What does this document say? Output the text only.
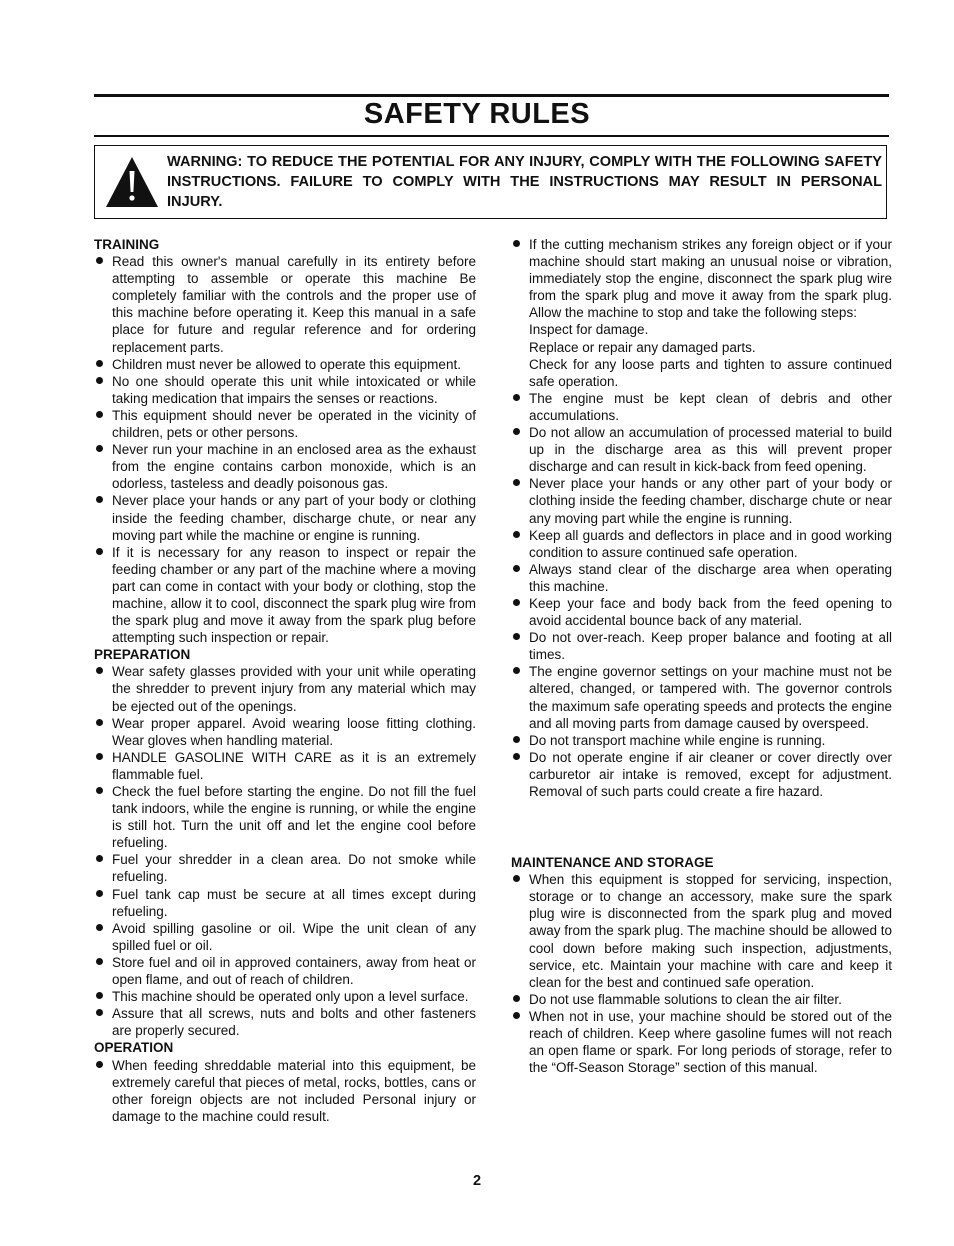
SAFETY RULES
WARNING: TO REDUCE THE POTENTIAL FOR ANY INJURY, COMPLY WITH THE FOLLOWING SAFETY INSTRUCTIONS. FAILURE TO COMPLY WITH THE INSTRUCTIONS MAY RESULT IN PERSONAL INJURY.
TRAINING
Read this owner's manual carefully in its entirety before attempting to assemble or operate this machine Be completely familiar with the controls and the proper use of this machine before operating it. Keep this manual in a safe place for future and regular reference and for ordering replacement parts.
Children must never be allowed to operate this equipment.
No one should operate this unit while intoxicated or while taking medication that impairs the senses or reactions.
This equipment should never be operated in the vicinity of children, pets or other persons.
Never run your machine in an enclosed area as the exhaust from the engine contains carbon monoxide, which is an odorless, tasteless and deadly poisonous gas.
Never place your hands or any part of your body or clothing inside the feeding chamber, discharge chute, or near any moving part while the machine or engine is running.
If it is necessary for any reason to inspect or repair the feeding chamber or any part of the machine where a moving part can come in contact with your body or clothing, stop the machine, allow it to cool, disconnect the spark plug wire from the spark plug and move it away from the spark plug before attempting such inspection or repair.
PREPARATION
Wear safety glasses provided with your unit while operating the shredder to prevent injury from any material which may be ejected out of the openings.
Wear proper apparel. Avoid wearing loose fitting clothing. Wear gloves when handling material.
HANDLE GASOLINE WITH CARE as it is an extremely flammable fuel.
Check the fuel before starting the engine. Do not fill the fuel tank indoors, while the engine is running, or while the engine is still hot. Turn the unit off and let the engine cool before refueling.
Fuel your shredder in a clean area. Do not smoke while refueling.
Fuel tank cap must be secure at all times except during refueling.
Avoid spilling gasoline or oil. Wipe the unit clean of any spilled fuel or oil.
Store fuel and oil in approved containers, away from heat or open flame, and out of reach of children.
This machine should be operated only upon a level surface.
Assure that all screws, nuts and bolts and other fasteners are properly secured.
OPERATION
When feeding shreddable material into this equipment, be extremely careful that pieces of metal, rocks, bottles, cans or other foreign objects are not included Personal injury or damage to the machine could result.
If the cutting mechanism strikes any foreign object or if your machine should start making an unusual noise or vibration, immediately stop the engine, disconnect the spark plug wire from the spark plug and move it away from the spark plug. Allow the machine to stop and take the following steps:
Inspect for damage.
Replace or repair any damaged parts.
Check for any loose parts and tighten to assure continued safe operation.
The engine must be kept clean of debris and other accumulations.
Do not allow an accumulation of processed material to build up in the discharge area as this will prevent proper discharge and can result in kick-back from feed opening.
Never place your hands or any other part of your body or clothing inside the feeding chamber, discharge chute or near any moving part while the engine is running.
Keep all guards and deflectors in place and in good working condition to assure continued safe operation.
Always stand clear of the discharge area when operating this machine.
Keep your face and body back from the feed opening to avoid accidental bounce back of any material.
Do not over-reach. Keep proper balance and footing at all times.
The engine governor settings on your machine must not be altered, changed, or tampered with. The governor controls the maximum safe operating speeds and protects the engine and all moving parts from damage caused by overspeed.
Do not transport machine while engine is running.
Do not operate engine if air cleaner or cover directly over carburetor air intake is removed, except for adjustment. Removal of such parts could create a fire hazard.
MAINTENANCE AND STORAGE
When this equipment is stopped for servicing, inspection, storage or to change an accessory, make sure the spark plug wire is disconnected from the spark plug and moved away from the spark plug. The machine should be allowed to cool down before making such inspection, adjustments, service, etc. Maintain your machine with care and keep it clean for the best and continued safe operation.
Do not use flammable solutions to clean the air filter.
When not in use, your machine should be stored out of the reach of children. Keep where gasoline fumes will not reach an open flame or spark. For long periods of storage, refer to the “Off-Season Storage” section of this manual.
2
